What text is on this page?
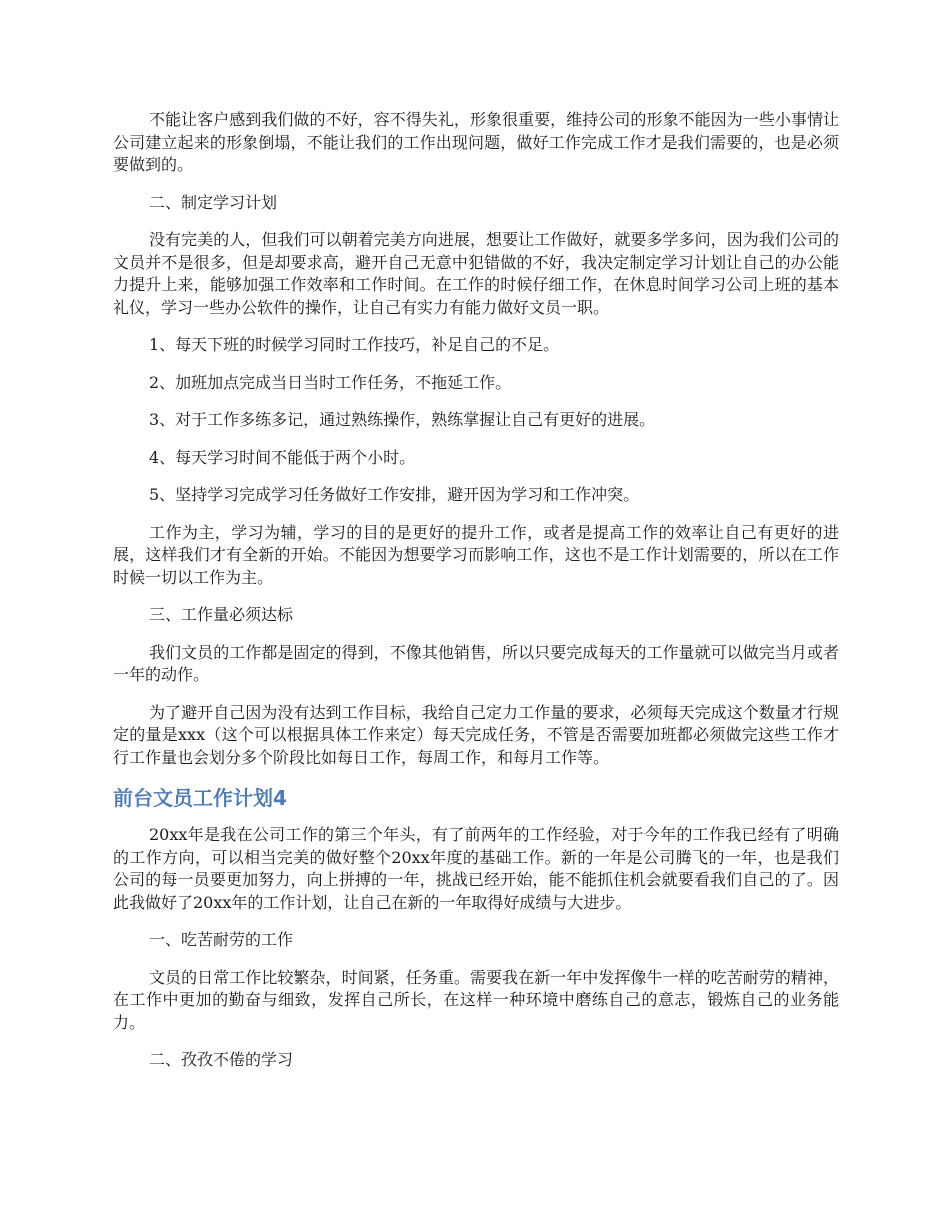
不能让客户感到我们做的不好，容不得失礼，形象很重要，维持公司的形象不能因为一些小事情让公司建立起来的形象倒塌，不能让我们的工作出现问题，做好工作完成工作才是我们需要的，也是必须要做到的。

二、制定学习计划

没有完美的人，但我们可以朝着完美方向进展，想要让工作做好，就要多学多问，因为我们公司的文员并不是很多，但是却要求高，避开自己无意中犯错做的不好，我决定制定学习计划让自己的办公能力提升上来，能够加强工作效率和工作时间。在工作的时候仔细工作，在休息时间学习公司上班的基本礼仪，学习一些办公软件的操作，让自己有实力有能力做好文员一职。

1、每天下班的时候学习同时工作技巧，补足自己的不足。

2、加班加点完成当日当时工作任务，不拖延工作。

3、对于工作多练多记，通过熟练操作，熟练掌握让自己有更好的进展。

4、每天学习时间不能低于两个小时。

5、坚持学习完成学习任务做好工作安排，避开因为学习和工作冲突。

工作为主，学习为辅，学习的目的是更好的提升工作，或者是提高工作的效率让自己有更好的进展，这样我们才有全新的开始。不能因为想要学习而影响工作，这也不是工作计划需要的，所以在工作时候一切以工作为主。

三、工作量必须达标

我们文员的工作都是固定的得到，不像其他销售，所以只要完成每天的工作量就可以做完当月或者一年的动作。

为了避开自己因为没有达到工作目标，我给自己定力工作量的要求，必须每天完成这个数量才行规定的量是xxx（这个可以根据具体工作来定）每天完成任务，不管是否需要加班都必须做完这些工作才行工作量也会划分多个阶段比如每日工作，每周工作，和每月工作等。

前台文员工作计划4

20xx年是我在公司工作的第三个年头，有了前两年的工作经验，对于今年的工作我已经有了明确的工作方向，可以相当完美的做好整个20xx年度的基础工作。新的一年是公司腾飞的一年，也是我们公司的每一员要更加努力，向上拼搏的一年，挑战已经开始，能不能抓住机会就要看我们自己的了。因此我做好了20xx年的工作计划，让自己在新的一年取得好成绩与大进步。

一、吃苦耐劳的工作

文员的日常工作比较繁杂，时间紧，任务重。需要我在新一年中发挥像牛一样的吃苦耐劳的精神，在工作中更加的勤奋与细致，发挥自己所长，在这样一种环境中磨练自己的意志，锻炼自己的业务能力。

二、孜孜不倦的学习
